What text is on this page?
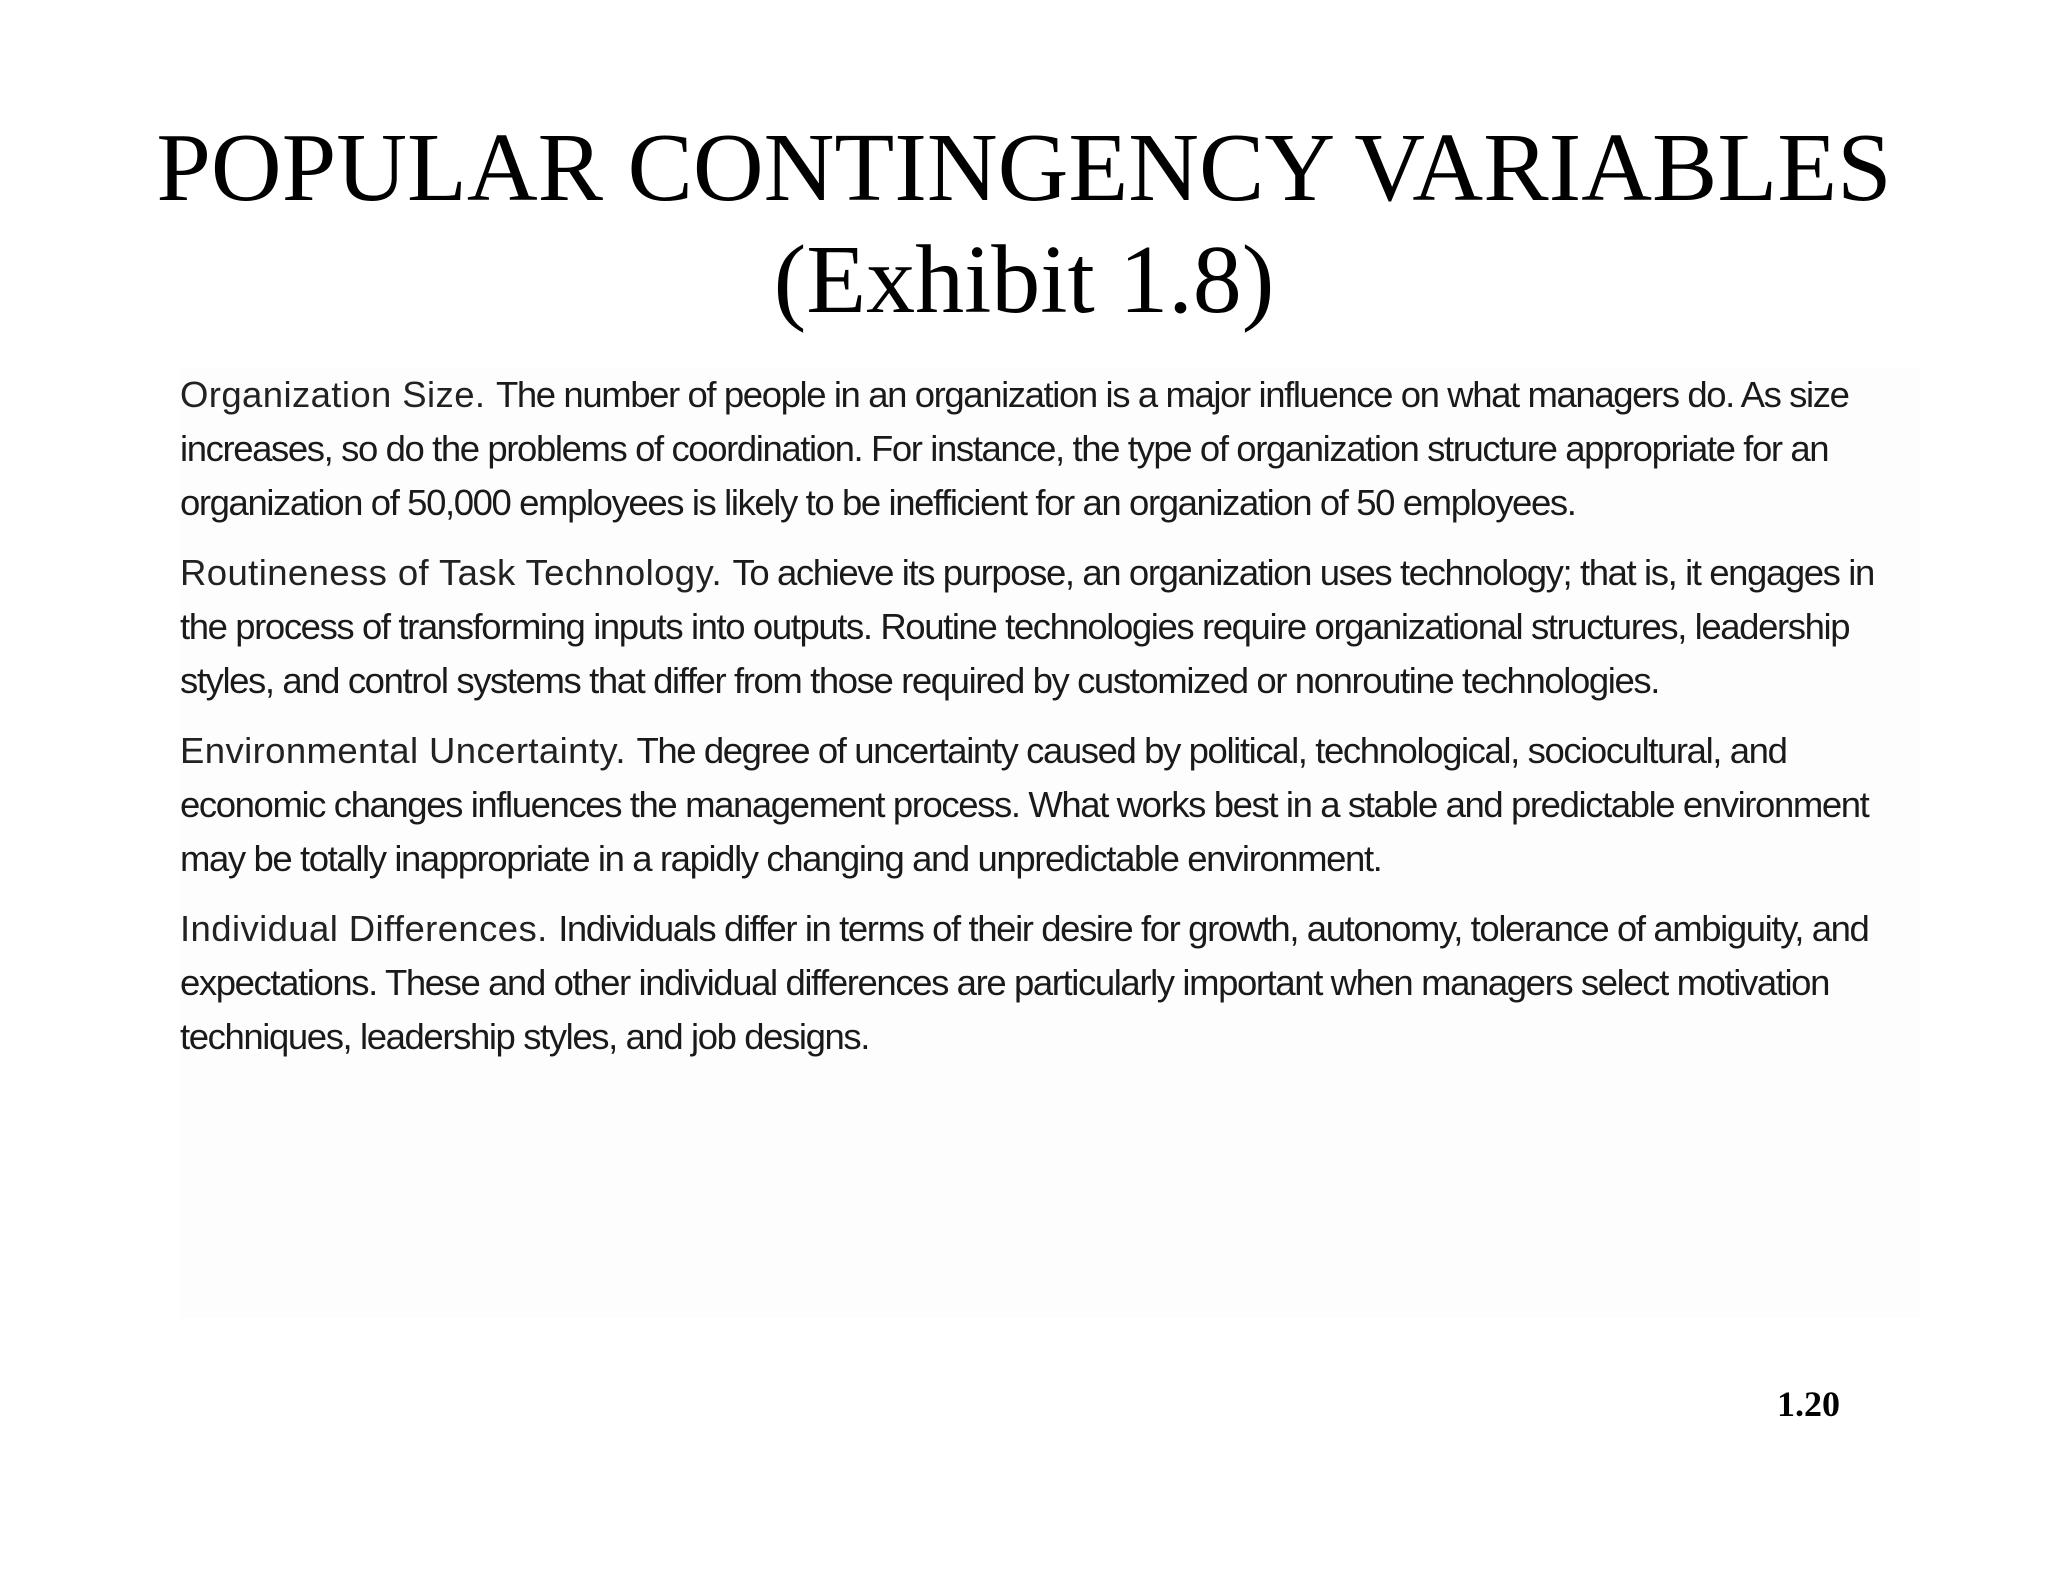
POPULAR CONTINGENCY VARIABLES
(Exhibit 1.8)

Organization Size. The number of people in an organization is a major influence on what managers do. As size increases, so do the problems of coordination. For instance, the type of organization structure appropriate for an organization of 50,000 employees is likely to be inefficient for an organization of 50 employees.

Routineness of Task Technology. To achieve its purpose, an organization uses technology; that is, it engages in the process of transforming inputs into outputs. Routine technologies require organizational structures, leadership styles, and control systems that differ from those required by customized or nonroutine technologies.

Environmental Uncertainty. The degree of uncertainty caused by political, technological, sociocultural, and economic changes influences the management process. What works best in a stable and predictable environment may be totally inappropriate in a rapidly changing and unpredictable environment.

Individual Differences. Individuals differ in terms of their desire for growth, autonomy, tolerance of ambiguity, and expectations. These and other individual differences are particularly important when managers select motivation techniques, leadership styles, and job designs.

1.20
